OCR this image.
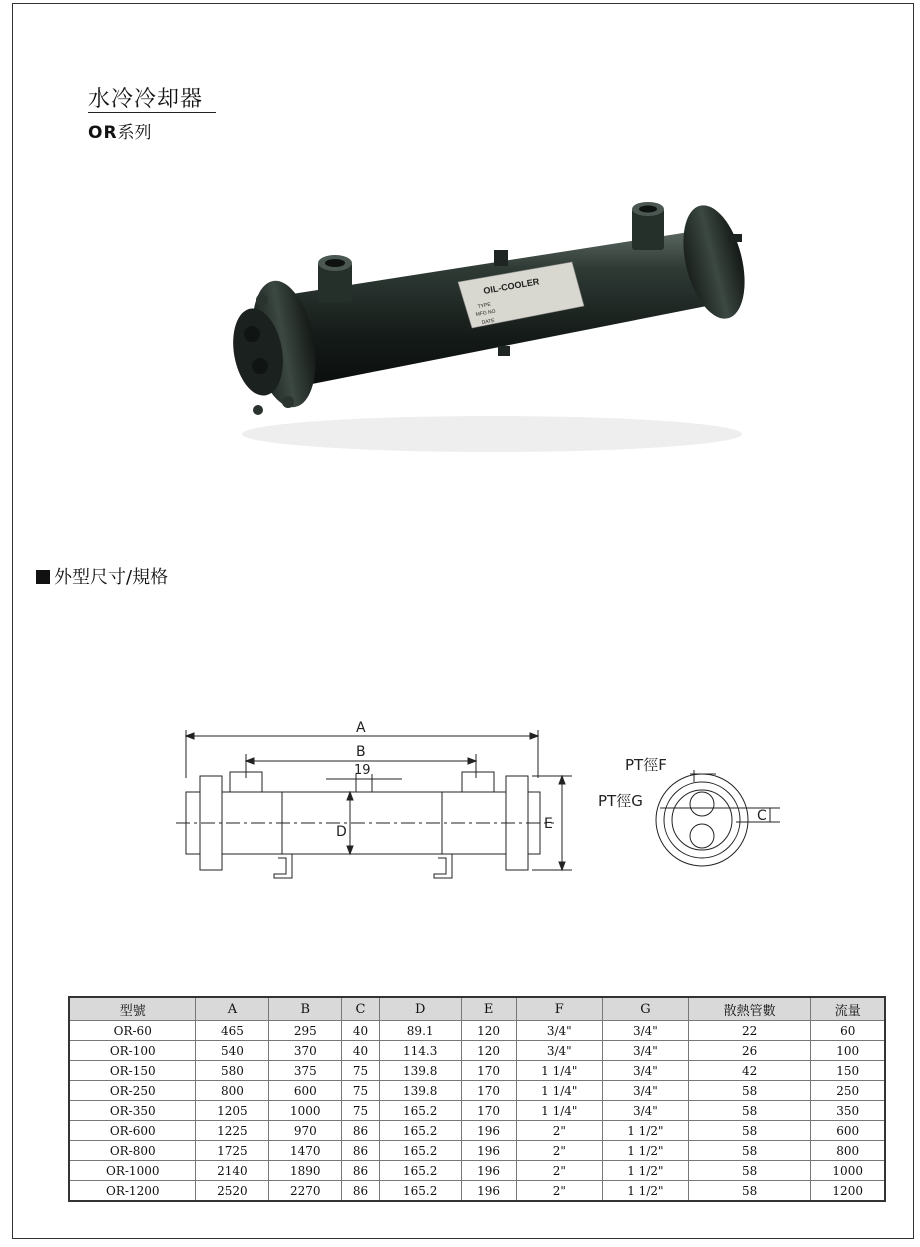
水冷冷却器
OR系列
OIL-COOLER
TYPE
MFG NO
DATE
外型尺寸/規格
A
B
19
D	E
PT徑F
PT徑G
C
型號	A	B	C	D	E	F	G	散熱管數	流量
OR-60	465	295	40	89.1	120	3/4"	3/4"	22	60
OR-100	540	370	40	114.3	120	3/4"	3/4"	26	100
OR-150	580	375	75	139.8	170	1 1/4"	3/4"	42	150
OR-250	800	600	75	139.8	170	1 1/4"	3/4"	58	250
OR-350	1205	1000	75	165.2	170	1 1/4"	3/4"	58	350
OR-600	1225	970	86	165.2	196	2"	1 1/2"	58	600
OR-800	1725	1470	86	165.2	196	2"	1 1/2"	58	800
OR-1000	2140	1890	86	165.2	196	2"	1 1/2"	58	1000
OR-1200	2520	2270	86	165.2	196	2"	1 1/2"	58	1200
